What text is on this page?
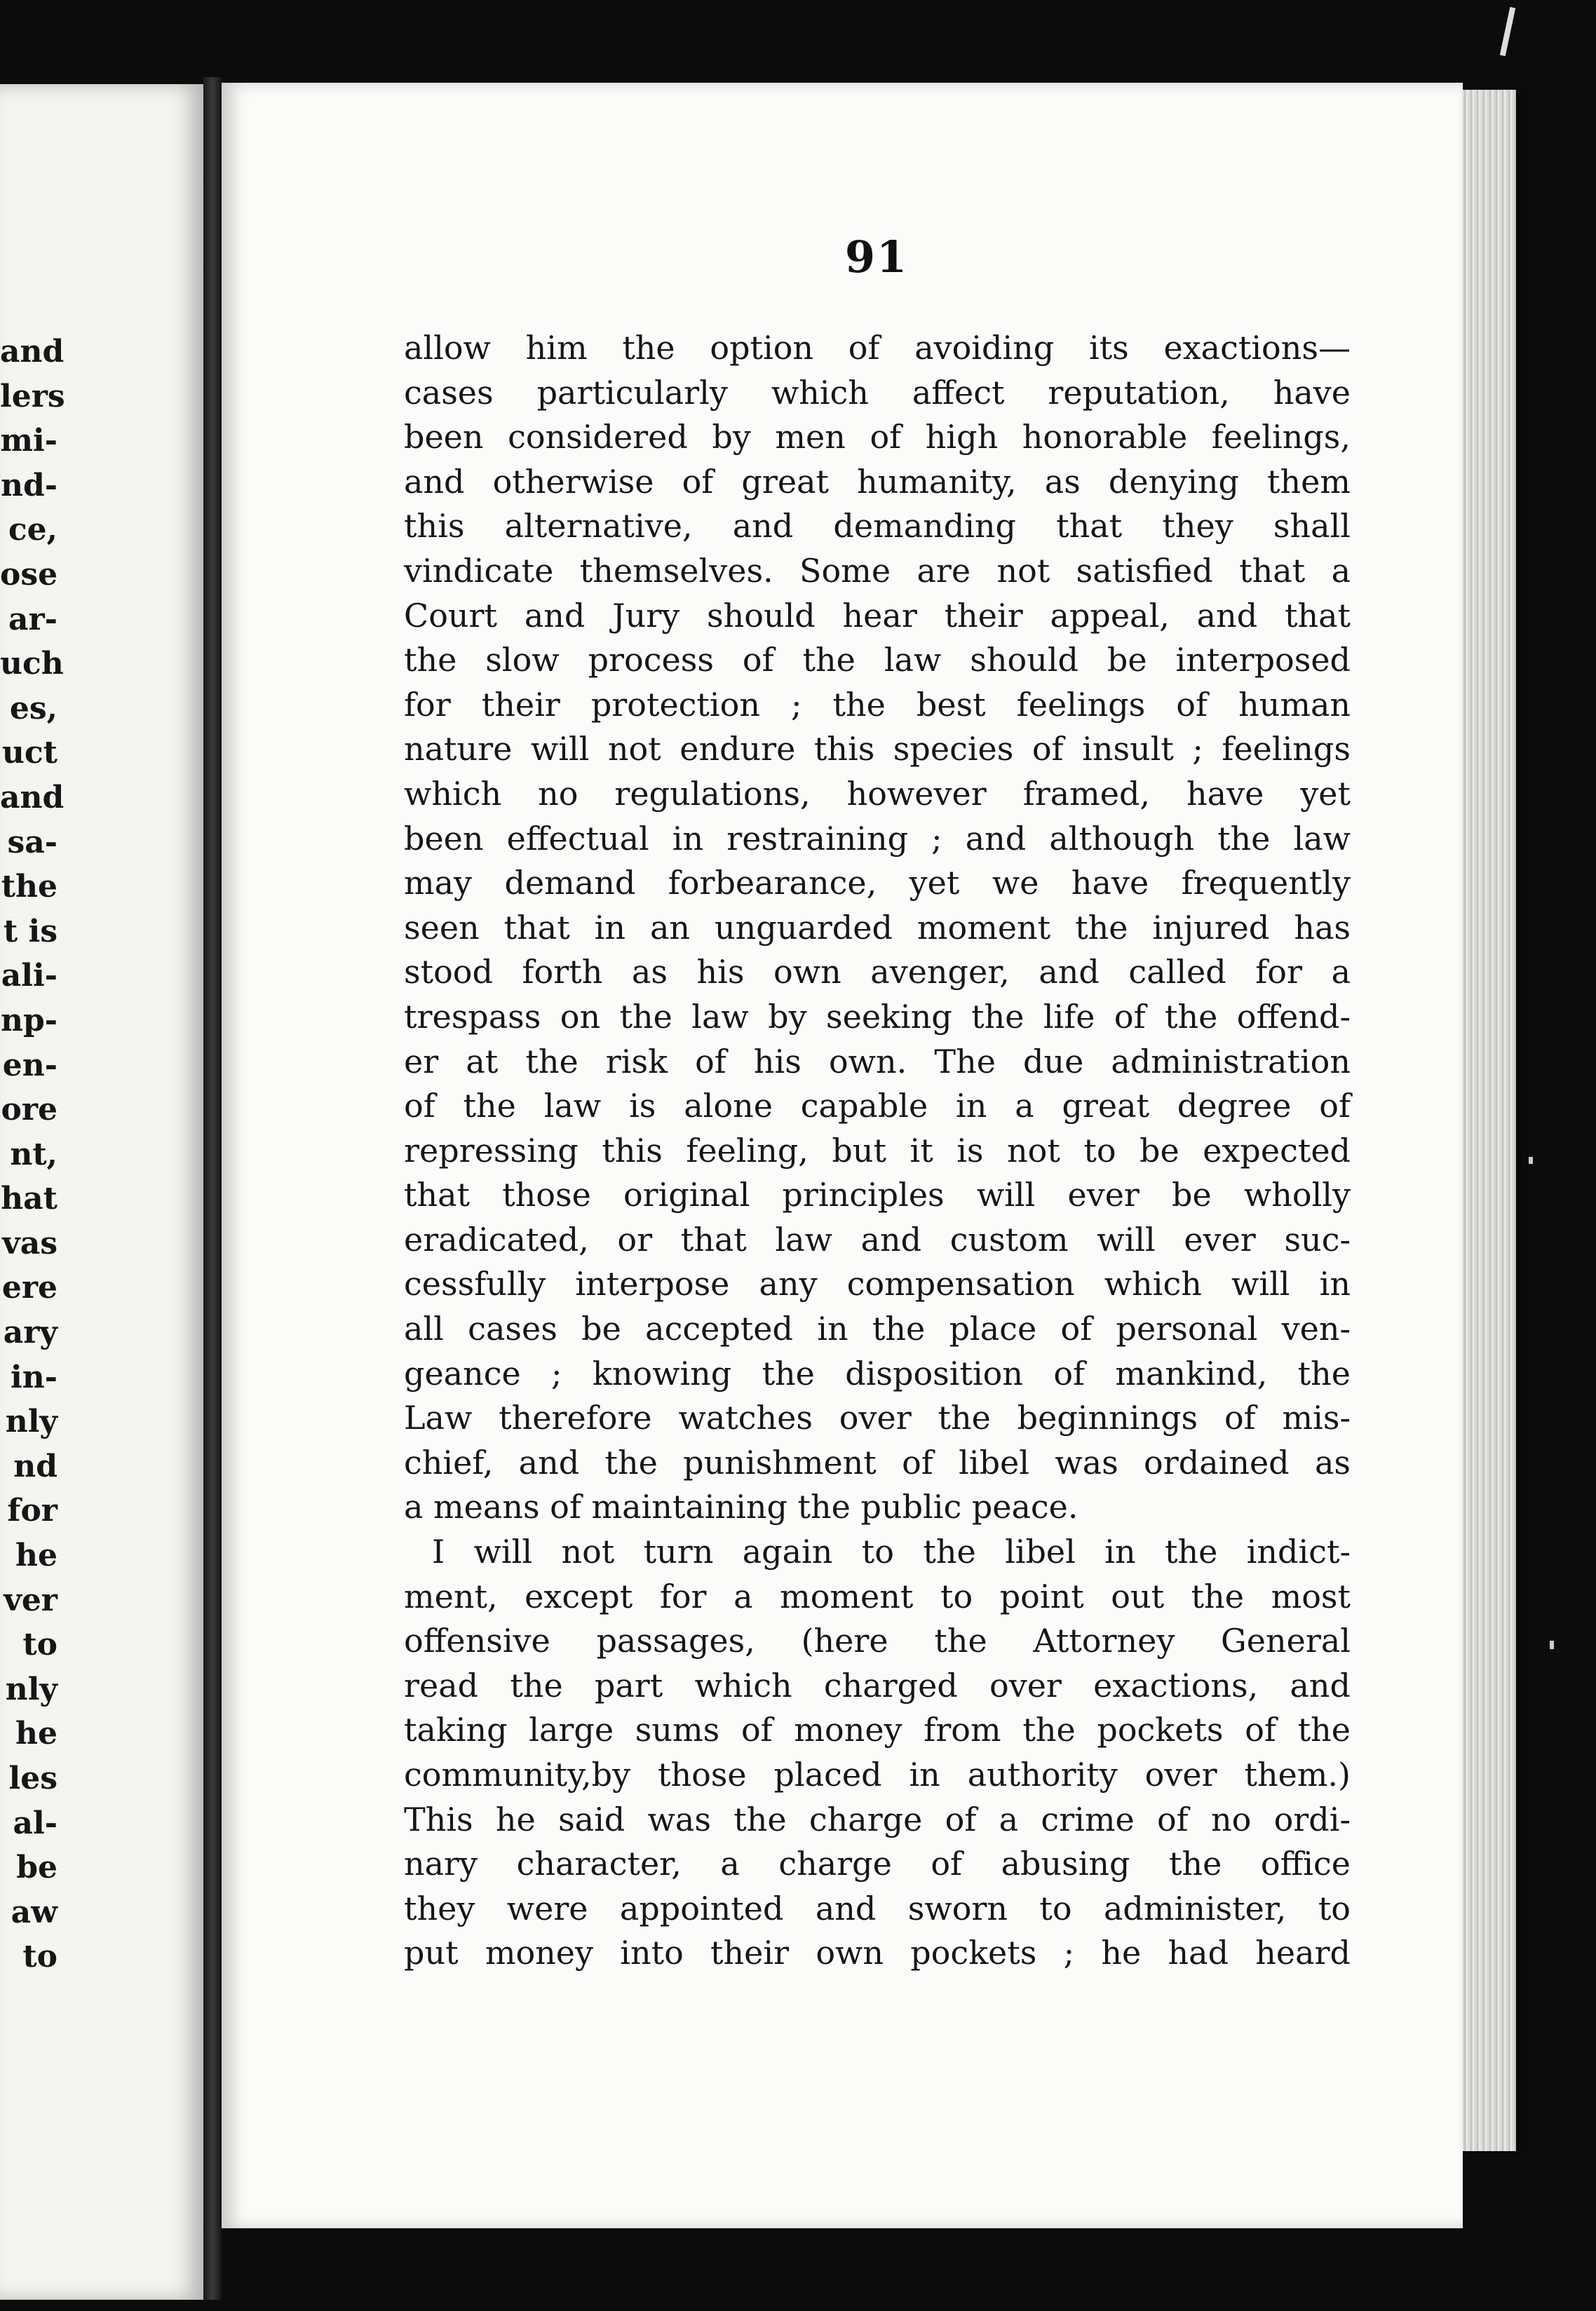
and
lers
mi-
nd-
ce,
ose
ar-
uch
es,
uct
and
sa-
the
t is
ali-
np-
en-
ore
nt,
hat
vas
ere
ary
in-
nly
nd
for
he
ver
to
nly
he
les
al-
be
aw
to
91
allow him the option of avoiding its exactions—
cases particularly which affect reputation, have
been considered by men of high honorable feelings,
and otherwise of great humanity, as denying them
this alternative, and demanding that they shall
vindicate themselves. Some are not satisfied that a
Court and Jury should hear their appeal, and that
the slow process of the law should be interposed
for their protection ; the best feelings of human
nature will not endure this species of insult ; feelings
which no regulations, however framed, have yet
been effectual in restraining ; and although the law
may demand forbearance, yet we have frequently
seen that in an unguarded moment the injured has
stood forth as his own avenger, and called for a
trespass on the law by seeking the life of the offend-
er at the risk of his own. The due administration
of the law is alone capable in a great degree of
repressing this feeling, but it is not to be expected
that those original principles will ever be wholly
eradicated, or that law and custom will ever suc-
cessfully interpose any compensation which will in
all cases be accepted in the place of personal ven-
geance ; knowing the disposition of mankind, the
Law therefore watches over the beginnings of mis-
chief, and the punishment of libel was ordained as
a means of maintaining the public peace.
I will not turn again to the libel in the indict-
ment, except for a moment to point out the most
offensive passages, (here the Attorney General
read the part which charged over exactions, and
taking large sums of money from the pockets of the
community,by those placed in authority over them.)
This he said was the charge of a crime of no ordi-
nary character, a charge of abusing the office
they were appointed and sworn to administer, to
put money into their own pockets ; he had heard
